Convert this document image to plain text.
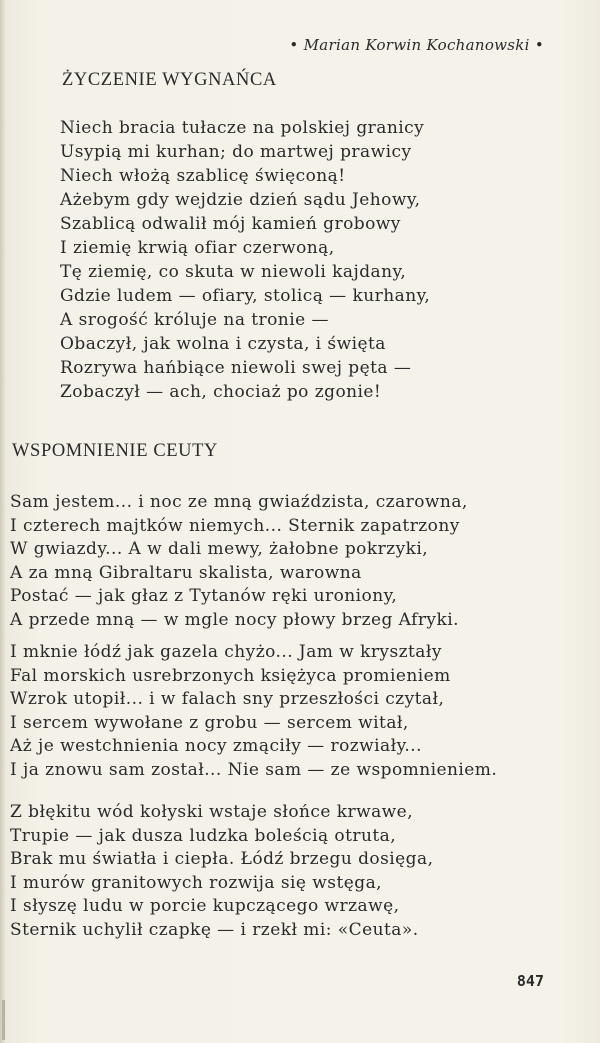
• Marian Korwin Kochanowski •
ŻYCZENIE WYGNAŃCA
Niech bracia tułacze na polskiej granicy
Usypią mi kurhan; do martwej prawicy
Niech włożą szablicę święconą!
Ażebym gdy wejdzie dzień sądu Jehowy,
Szablicą odwalił mój kamień grobowy
I ziemię krwią ofiar czerwoną,
Tę ziemię, co skuta w niewoli kajdany,
Gdzie ludem — ofiary, stolicą — kurhany,
A srogość króluje na tronie —
Obaczył, jak wolna i czysta, i święta
Rozrywa hańbiące niewoli swej pęta —
Zobaczył — ach, chociaż po zgonie!
WSPOMNIENIE CEUTY
Sam jestem... i noc ze mną gwiaździsta, czarowna,
I czterech majtków niemych... Sternik zapatrzony
W gwiazdy... A w dali mewy, żałobne pokrzyki,
A za mną Gibraltaru skalista, warowna
Postać — jak głaz z Tytanów ręki uroniony,
A przede mną — w mgle nocy płowy brzeg Afryki.
I mknie łódź jak gazela chyżo... Jam w kryształy
Fal morskich usrebrzonych księżyca promieniem
Wzrok utopił... i w falach sny przeszłości czytał,
I sercem wywołane z grobu — sercem witał,
Aż je westchnienia nocy zmąciły — rozwiały...
I ja znowu sam został... Nie sam — ze wspomnieniem.
Z błękitu wód kołyski wstaje słońce krwawe,
Trupie — jak dusza ludzka boleścią otruta,
Brak mu światła i ciepła. Łódź brzegu dosięga,
I murów granitowych rozwija się wstęga,
I słyszę ludu w porcie kupczącego wrzawę,
Sternik uchylił czapkę — i rzekł mi: «Ceuta».
847
